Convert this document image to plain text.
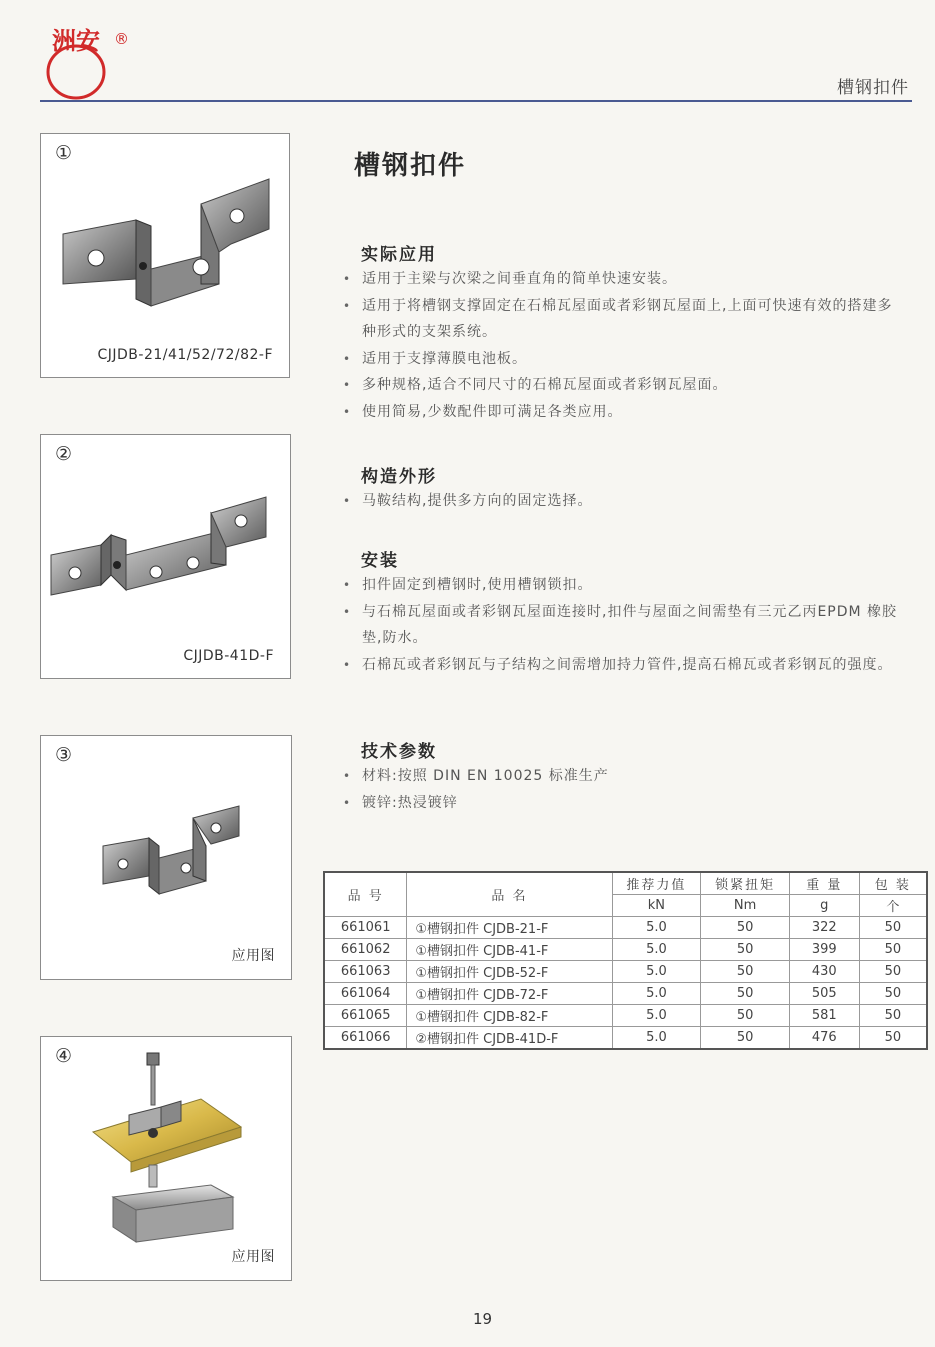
洲安 ®
槽钢扣件
①
CJJDB-21/41/52/72/82-F
②
CJJDB-41D-F
③
应用图
④
应用图
槽钢扣件
实际应用
• 适用于主梁与次梁之间垂直角的简单快速安装。
• 适用于将槽钢支撑固定在石棉瓦屋面或者彩钢瓦屋面上,上面可快速有效的搭建多种形式的支架系统。
• 适用于支撑薄膜电池板。
• 多种规格,适合不同尺寸的石棉瓦屋面或者彩钢瓦屋面。
• 使用简易,少数配件即可满足各类应用。
构造外形
• 马鞍结构,提供多方向的固定选择。
安装
• 扣件固定到槽钢时,使用槽钢锁扣。
• 与石棉瓦屋面或者彩钢瓦屋面连接时,扣件与屋面之间需垫有三元乙丙EPDM 橡胶垫,防水。
• 石棉瓦或者彩钢瓦与子结构之间需增加持力管件,提高石棉瓦或者彩钢瓦的强度。
技术参数
• 材料:按照 DIN EN 10025 标准生产
• 镀锌:热浸镀锌
品 号	品 名	推荐力值	锁紧扭矩	重 量	包 装
		kN	Nm	g	个
661061	①槽钢扣件 CJDB-21-F	5.0	50	322	50
661062	①槽钢扣件 CJDB-41-F	5.0	50	399	50
661063	①槽钢扣件 CJDB-52-F	5.0	50	430	50
661064	①槽钢扣件 CJDB-72-F	5.0	50	505	50
661065	①槽钢扣件 CJDB-82-F	5.0	50	581	50
661066	②槽钢扣件 CJDB-41D-F	5.0	50	476	50
19
